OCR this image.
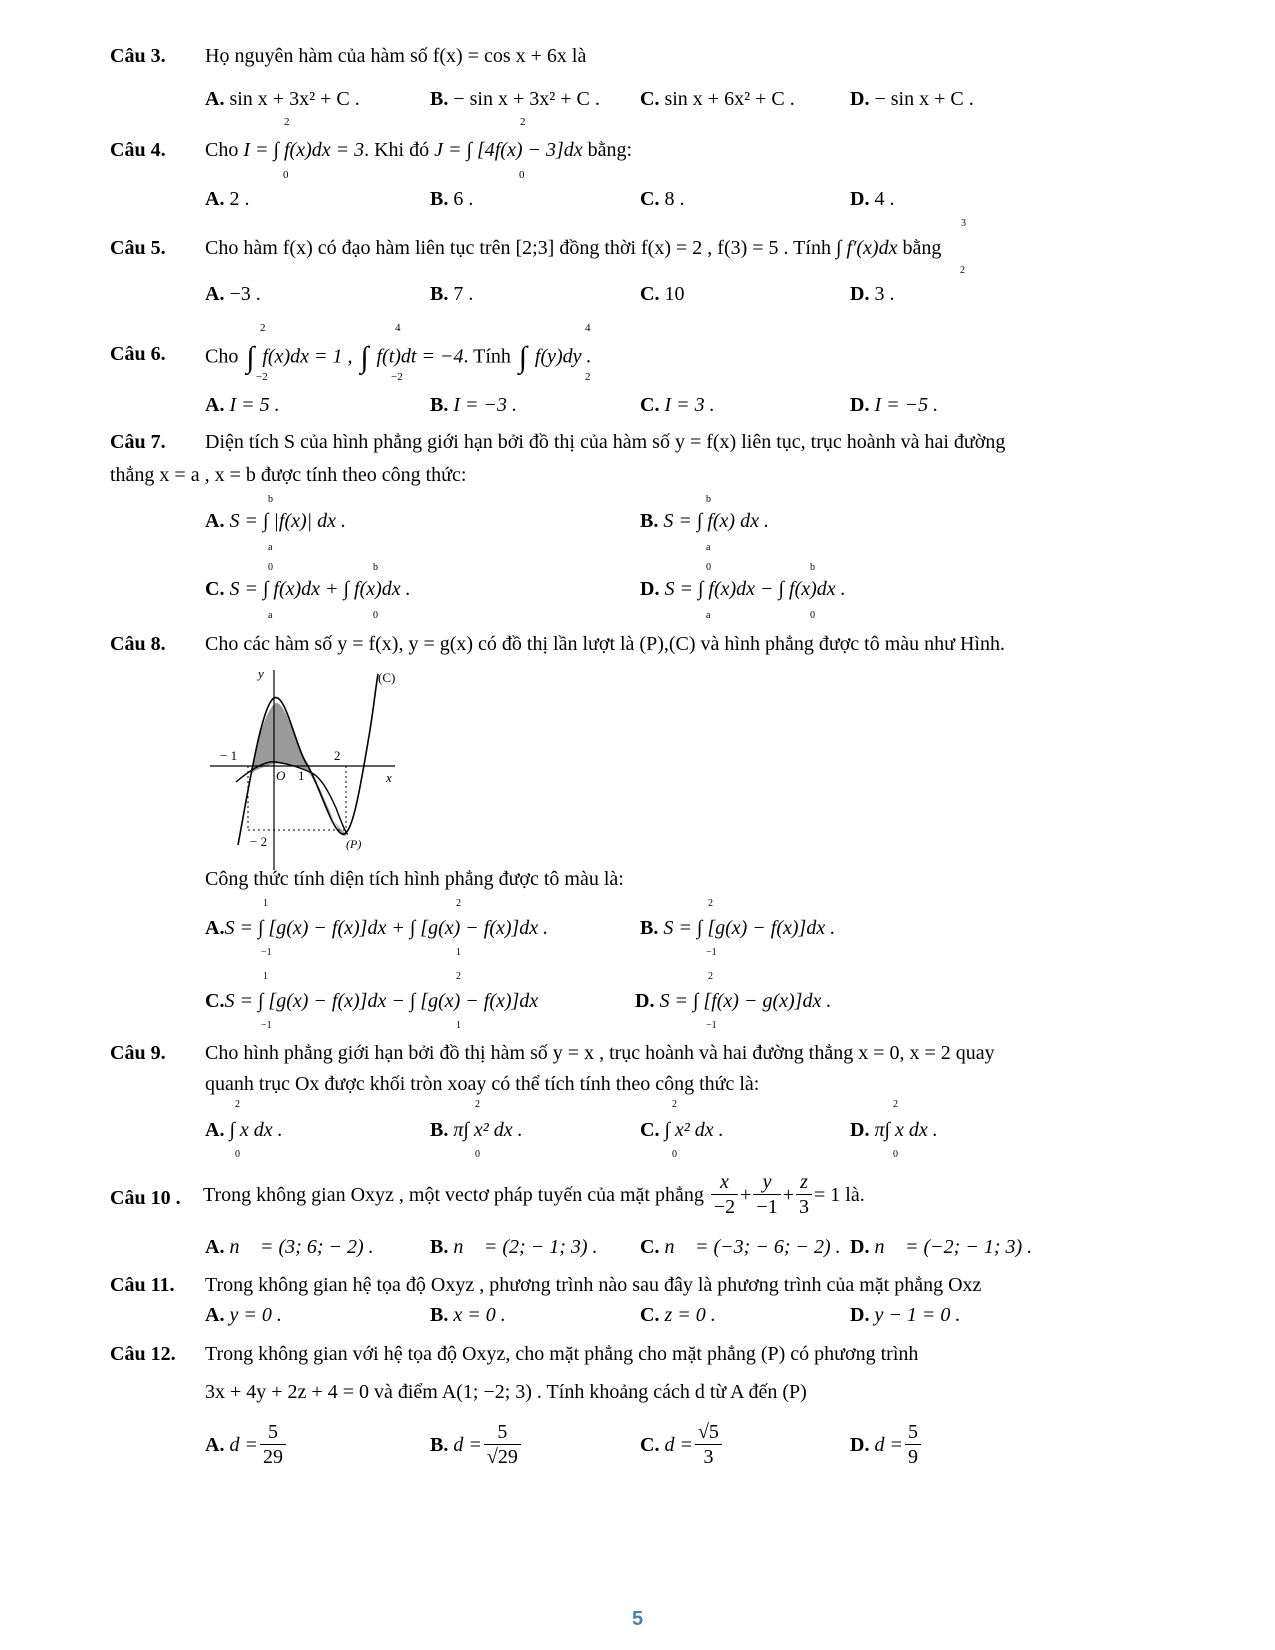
Câu 3. Họ nguyên hàm của hàm số f(x) = cos x + 6x là
A. sin x + 3x² + C .	B. − sin x + 3x² + C . C. sin x + 6x² + C .	D. − sin x + C .
Câu 4. Cho I = ∫ f(x)dx = 3. Khi đó J = ∫ [4f(x) − 3]dx bằng:
2
0
2
0
A. 2 .	B. 6 .	C. 8 .	D. 4 .
Câu 5. Cho hàm f(x) có đạo hàm liên tục trên [2;3] đồng thời f(x) = 2 , f(3) = 5 . Tính ∫ f′(x)dx bằng
3
2
A. −3 .	B. 7 .	C. 10	D. 3 .
Câu 6. Cho ∫ f(x)dx = 1 , ∫ f(t)dt = −4. Tính ∫ f(y)dy .
2
−2
4
−2
4
2
A. I = 5 .	B. I = −3 .	C. I = 3 .	D. I = −5 .
Câu 7. Diện tích S của hình phẳng giới hạn bởi đồ thị của hàm số y = f(x) liên tục, trục hoành và hai đường
thẳng x = a , x = b được tính theo công thức:
A. S = ∫ |f(x)| dx .
b
a
B. S = ∫ f(x) dx .
b
a
C. S = ∫ f(x)dx + ∫ f(x)dx .
0
a
b
0
D. S = ∫ f(x)dx − ∫ f(x)dx .
0
a
b
0
Câu 8. Cho các hàm số y = f(x), y = g(x) có đồ thị lần lượt là (P),(C) và hình phẳng được tô màu như Hình.
y
x
(C)
(P)
− 1	2
O 1
− 2
Công thức tính diện tích hình phẳng được tô màu là:
A.S = ∫ [g(x) − f(x)]dx + ∫ [g(x) − f(x)]dx .
1
−1
2
1
B. S = ∫ [g(x) − f(x)]dx .
2
−1
C.S = ∫ [g(x) − f(x)]dx − ∫ [g(x) − f(x)]dx
1
−1
2
1
D. S = ∫ [f(x) − g(x)]dx .
2
−1
Câu 9. Cho hình phẳng giới hạn bởi đồ thị hàm số y = x , trục hoành và hai đường thẳng x = 0, x = 2 quay
quanh trục Ox được khối tròn xoay có thể tích tính theo công thức là:
A. ∫ x dx .
2
0
B. π∫ x² dx .
2
0
C. ∫ x² dx .
2
0
D. π∫ x dx .
2
0
Câu 10 . Trong không gian Oxyz , một vectơ pháp tuyến của mặt phẳng
$\frac{x}{-2} + \frac{y}{-1} + \frac{z}{3} = 1$ là.
A. n⃗ = (3; 6; − 2) .	B. n⃗ = (2; − 1; 3) . C. n⃗ = (−3; − 6; − 2) . D. n⃗ = (−2; − 1; 3) .
Câu 11. Trong không gian hệ tọa độ Oxyz , phương trình nào sau đây là phương trình của mặt phẳng Oxz
A. y = 0 .	B. x = 0 .	C. z = 0 .	D. y − 1 = 0 .
Câu 12. Trong không gian với hệ tọa độ Oxyz, cho mặt phẳng cho mặt phẳng (P) có phương trình
3x + 4y + 2z + 4 = 0 và điểm A(1; −2; 3) . Tính khoảng cách d từ A đến (P)
A.
$d = \frac{5}{29}$	B.
$d = \frac{5}{√29}$	C.
$d = \frac{√5}{3}$	D.
$d = \frac{5}{9}$
5
